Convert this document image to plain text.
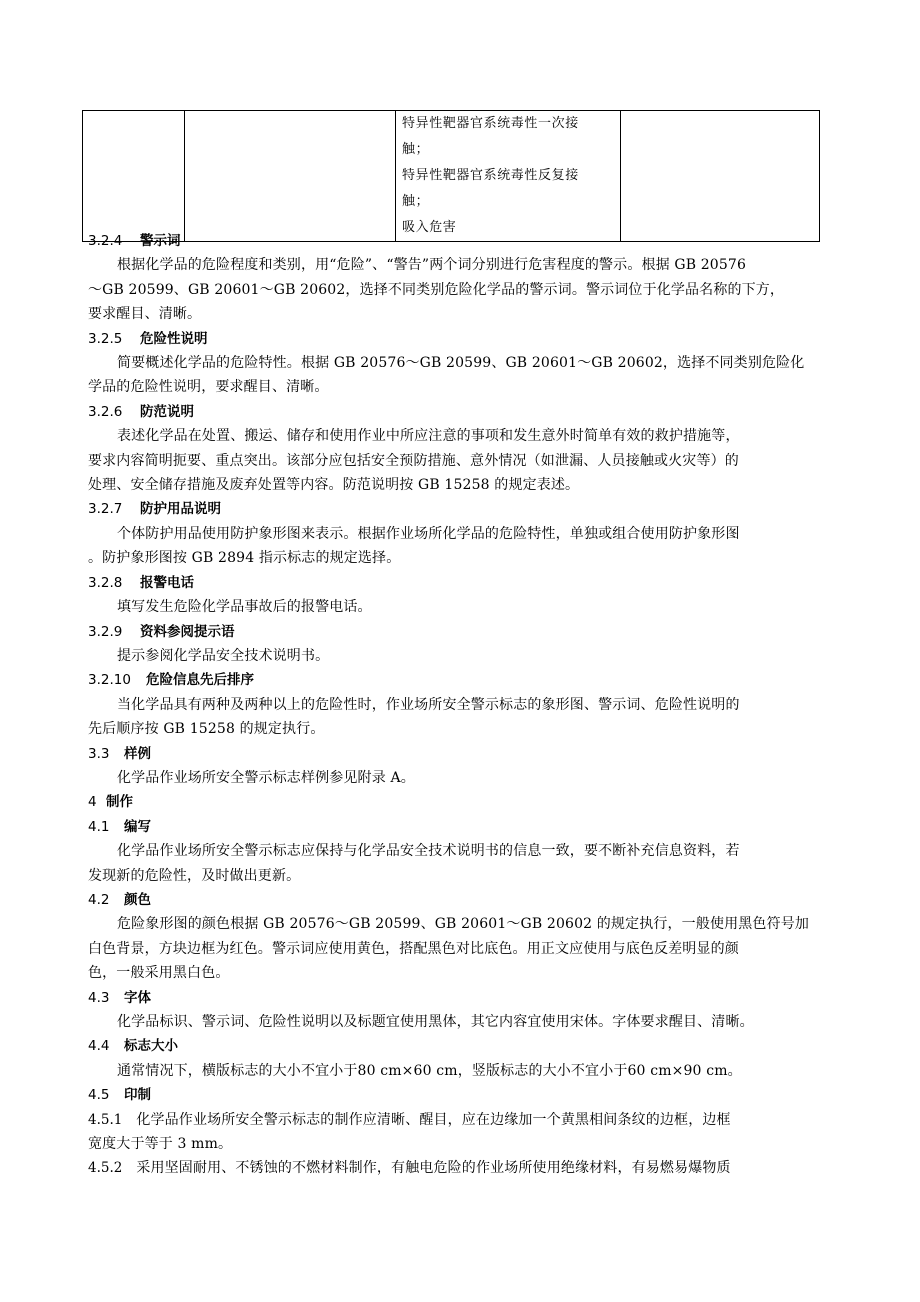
特异性靶器官系统毒性一次接
触；
特异性靶器官系统毒性反复接
触；
吸入危害

3.2.4 警示词
根据化学品的危险程度和类别，用“危险”、“警告”两个词分别进行危害程度的警示。根据 GB 20576
～GB 20599、GB 20601～GB 20602，选择不同类别危险化学品的警示词。警示词位于化学品名称的下方，
要求醒目、清晰。
3.2.5 危险性说明
简要概述化学品的危险特性。根据 GB 20576～GB 20599、GB 20601～GB 20602，选择不同类别危险化
学品的危险性说明，要求醒目、清晰。
3.2.6 防范说明
表述化学品在处置、搬运、储存和使用作业中所应注意的事项和发生意外时简单有效的救护措施等，
要求内容简明扼要、重点突出。该部分应包括安全预防措施、意外情况（如泄漏、人员接触或火灾等）的
处理、安全储存措施及废弃处置等内容。防范说明按 GB 15258 的规定表述。
3.2.7 防护用品说明
个体防护用品使用防护象形图来表示。根据作业场所化学品的危险特性，单独或组合使用防护象形图
。防护象形图按 GB 2894 指示标志的规定选择。
3.2.8 报警电话
填写发生危险化学品事故后的报警电话。
3.2.9 资料参阅提示语
提示参阅化学品安全技术说明书。
3.2.10 危险信息先后排序
当化学品具有两种及两种以上的危险性时，作业场所安全警示标志的象形图、警示词、危险性说明的
先后顺序按 GB 15258 的规定执行。
3.3 样例
化学品作业场所安全警示标志样例参见附录 A。
4 制作
4.1 编写
化学品作业场所安全警示标志应保持与化学品安全技术说明书的信息一致，要不断补充信息资料，若
发现新的危险性，及时做出更新。
4.2 颜色
危险象形图的颜色根据 GB 20576～GB 20599、GB 20601～GB 20602 的规定执行，一般使用黑色符号加
白色背景，方块边框为红色。警示词应使用黄色，搭配黑色对比底色。用正文应使用与底色反差明显的颜
色，一般采用黑白色。
4.3 字体
化学品标识、警示词、危险性说明以及标题宜使用黑体，其它内容宜使用宋体。字体要求醒目、清晰。
4.4 标志大小
通常情况下，横版标志的大小不宜小于80 cm×60 cm，竖版标志的大小不宜小于60 cm×90 cm。
4.5 印制
4.5.1 化学品作业场所安全警示标志的制作应清晰、醒目，应在边缘加一个黄黑相间条纹的边框，边框
宽度大于等于 3 mm。
4.5.2 采用坚固耐用、不锈蚀的不燃材料制作，有触电危险的作业场所使用绝缘材料，有易燃易爆物质
